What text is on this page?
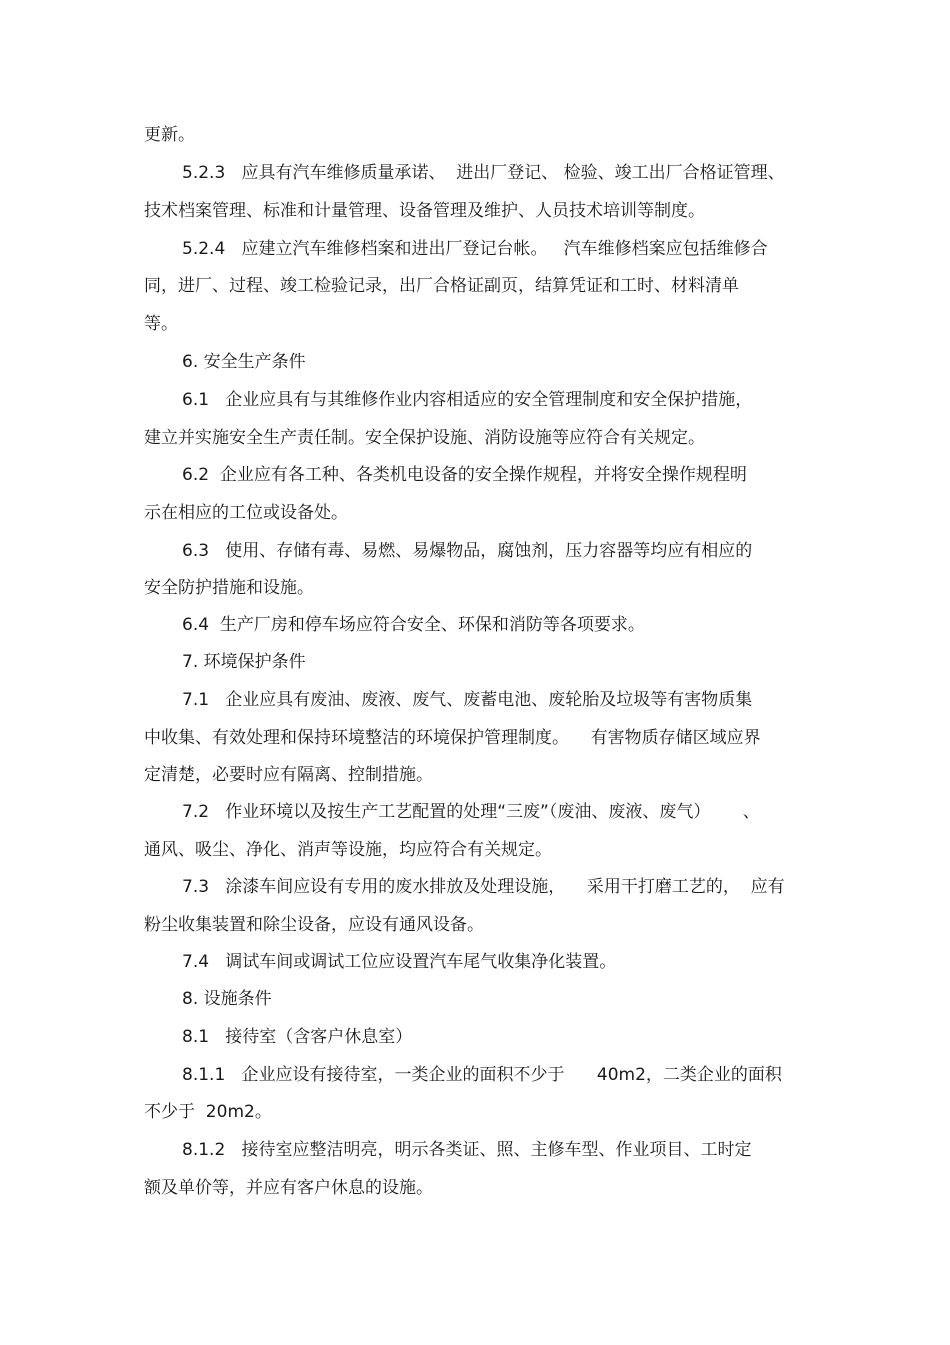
更新。
5.2.3   应具有汽车维修质量承诺、  进出厂登记、 检验、竣工出厂合格证管理、
技术档案管理、标准和计量管理、设备管理及维护、人员技术培训等制度。
5.2.4   应建立汽车维修档案和进出厂登记台帐。   汽车维修档案应包括维修合
同，进厂、过程、竣工检验记录，出厂合格证副页，结算凭证和工时、材料清单
等。
6. 安全生产条件
6.1   企业应具有与其维修作业内容相适应的安全管理制度和安全保护措施，
建立并实施安全生产责任制。安全保护设施、消防设施等应符合有关规定。
6.2  企业应有各工种、各类机电设备的安全操作规程，并将安全操作规程明
示在相应的工位或设备处。
6.3   使用、存储有毒、易燃、易爆物品，腐蚀剂，压力容器等均应有相应的
安全防护措施和设施。
6.4  生产厂房和停车场应符合安全、环保和消防等各项要求。
7. 环境保护条件
7.1   企业应具有废油、废液、废气、废蓄电池、废轮胎及垃圾等有害物质集
中收集、有效处理和保持环境整洁的环境保护管理制度。    有害物质存储区域应界
定清楚，必要时应有隔离、控制措施。
7.2   作业环境以及按生产工艺配置的处理“三废”（废油、废液、废气）      、
通风、吸尘、净化、消声等设施，均应符合有关规定。
7.3   涂漆车间应设有专用的废水排放及处理设施，    采用干打磨工艺的，  应有
粉尘收集装置和除尘设备，应设有通风设备。
7.4   调试车间或调试工位应设置汽车尾气收集净化装置。
8. 设施条件
8.1   接待室（含客户休息室）
8.1.1   企业应设有接待室，一类企业的面积不少于      40m2，二类企业的面积
不少于  20m2。
8.1.2   接待室应整洁明亮，明示各类证、照、主修车型、作业项目、工时定
额及单价等，并应有客户休息的设施。
